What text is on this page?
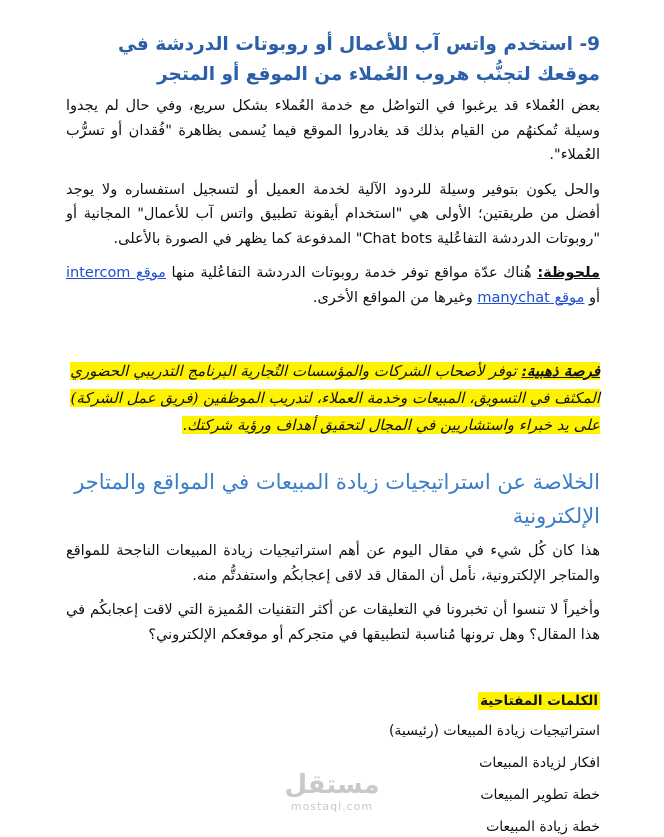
9- استخدم واتس آب للأعمال أو روبوتات الدردشة في موقعك لتجنُّب هروب العُملاء من الموقع أو المتجر

بعض العُملاء قد يرغبوا في التواصُل مع خدمة العُملاء بشكل سريع، وفي حال لم يجدوا وسيلة تُمكنهُم من القيام بذلك قد يغادروا الموقع فيما يُسمى بظاهرة "فُقدان أو تسرُّب العُملاء".

والحل يكون بتوفير وسيلة للردود الآلية لخدمة العميل أو لتسجيل استفساره ولا يوجد أفضل من طريقتين؛ الأولى هي "استخدام أيقونة تطبيق واتس آب للأعمال" المجانية أو "روبوتات الدردشة التفاعُلية Chat bots" المدفوعة كما يظهر في الصورة بالأعلى.

ملحوظة: هُناك عدّة مواقع توفر خدمة روبوتات الدردشة التفاعُلية منها موقع intercom أو موقع manychat وغيرها من المواقع الأخرى.

فرصة ذهبية: توفر لأصحاب الشركات والمؤسسات التُجارية البرنامج التدريبي الحضوري المكثف في التسويق، المبيعات وخدمة العملاء، لتدريب الموظفين (فريق عمل الشركة) على يد خبراء واستشاريين في المجال لتحقيق أهداف ورؤية شركتك.

الخلاصة عن استراتيجيات زيادة المبيعات في المواقع والمتاجر الإلكترونية

هذا كان كُل شيء في مقال اليوم عن أهم استراتيجيات زيادة المبيعات الناجحة للمواقع والمتاجر الإلكترونية، نأمل أن المقال قد لاقى إعجابكُم واستفدتُّم منه.

وأخيراً لا تنسوا أن تخبرونا في التعليقات عن أكثر التقنيات المُميزة التي لاقت إعجابكُم في هذا المقال؟ وهل ترونها مُناسبة لتطبيقها في متجركم أو موقعكم الإلكتروني؟

الكلمات المفتاحية

استراتيجيات زيادة المبيعات (رئيسية)

افكار لزيادة المبيعات

خطة تطوير المبيعات

خطة زيادة المبيعات

مستقل
mostaql.com
